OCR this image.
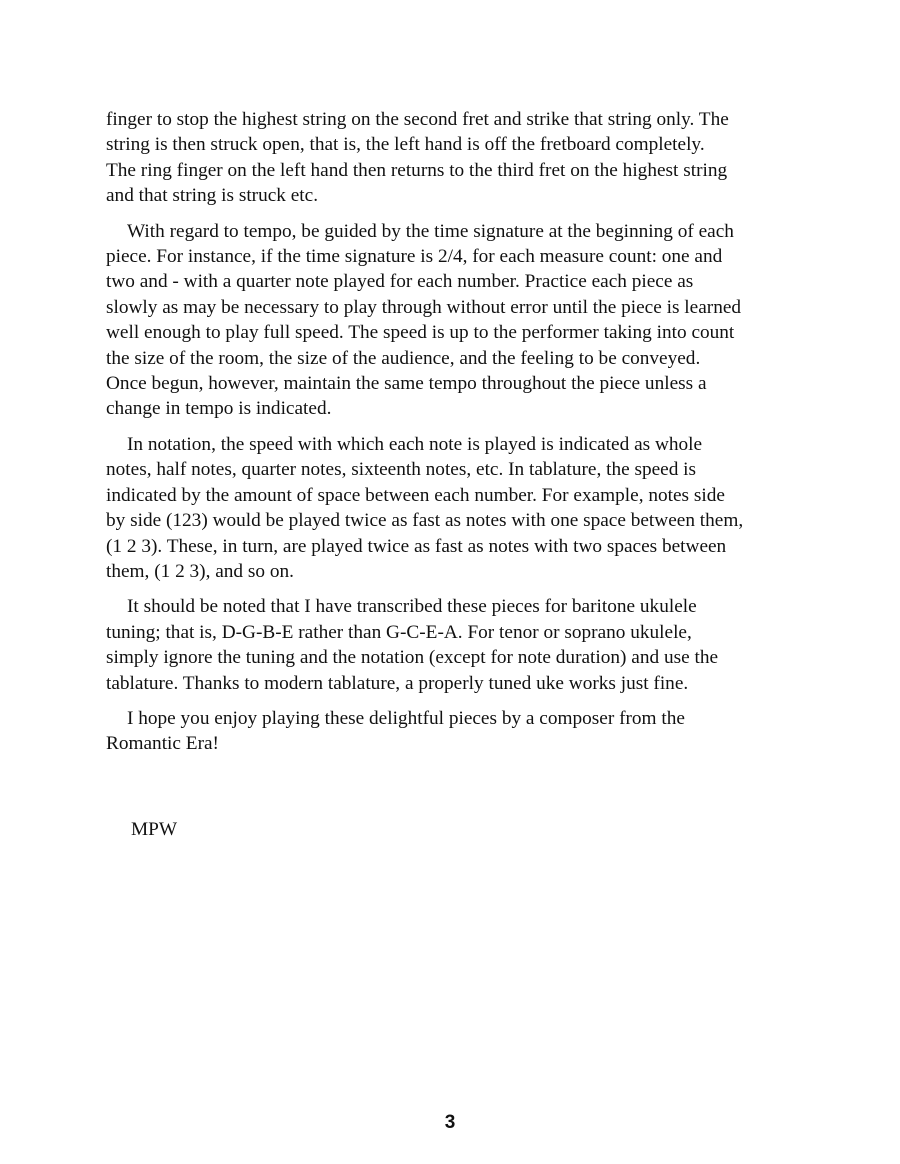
finger to stop the highest string on the second fret and strike that string only. The
string is then struck open, that is, the left hand is off the fretboard completely.
The ring finger on the left hand then returns to the third fret on the highest string
and that string is struck etc.

With regard to tempo, be guided by the time signature at the beginning of each
piece. For instance, if the time signature is 2/4, for each measure count: one and
two and - with a quarter note played for each number. Practice each piece as
slowly as may be necessary to play through without error until the piece is learned
well enough to play full speed. The speed is up to the performer taking into count
the size of the room, the size of the audience, and the feeling to be conveyed.
Once begun, however, maintain the same tempo throughout the piece unless a
change in tempo is indicated.

In notation, the speed with which each note is played is indicated as whole
notes, half notes, quarter notes, sixteenth notes, etc. In tablature, the speed is
indicated by the amount of space between each number. For example, notes side
by side (123) would be played twice as fast as notes with one space between them,
(1 2 3). These, in turn, are played twice as fast as notes with two spaces between
them, (1 2 3), and so on.

It should be noted that I have transcribed these pieces for baritone ukulele
tuning; that is, D-G-B-E rather than G-C-E-A. For tenor or soprano ukulele,
simply ignore the tuning and the notation (except for note duration) and use the
tablature. Thanks to modern tablature, a properly tuned uke works just fine.

I hope you enjoy playing these delightful pieces by a composer from the
Romantic Era!

MPW

3
